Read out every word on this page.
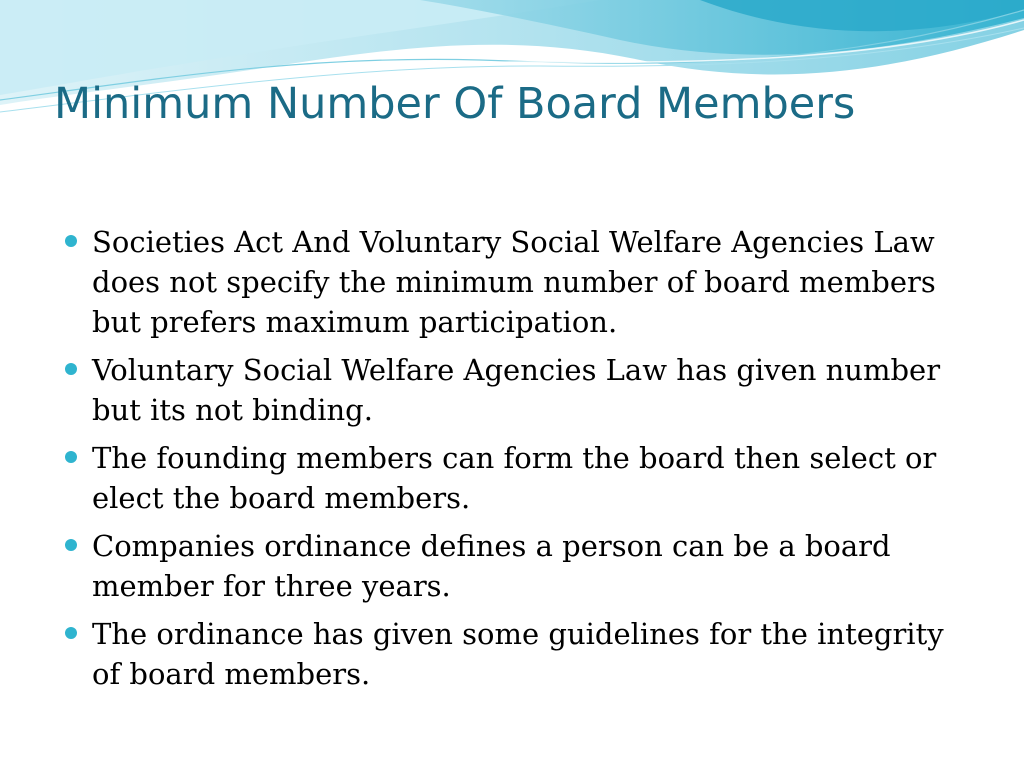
Minimum Number Of Board Members
Societies Act And Voluntary Social Welfare Agencies Law does not specify the minimum number of board members but prefers maximum participation.
Voluntary Social Welfare Agencies Law has given number but its not binding.
The founding members can form the board then select or elect the board members.
Companies ordinance defines a person can be a board member for three years.
The ordinance has given some guidelines for the integrity of board members.
